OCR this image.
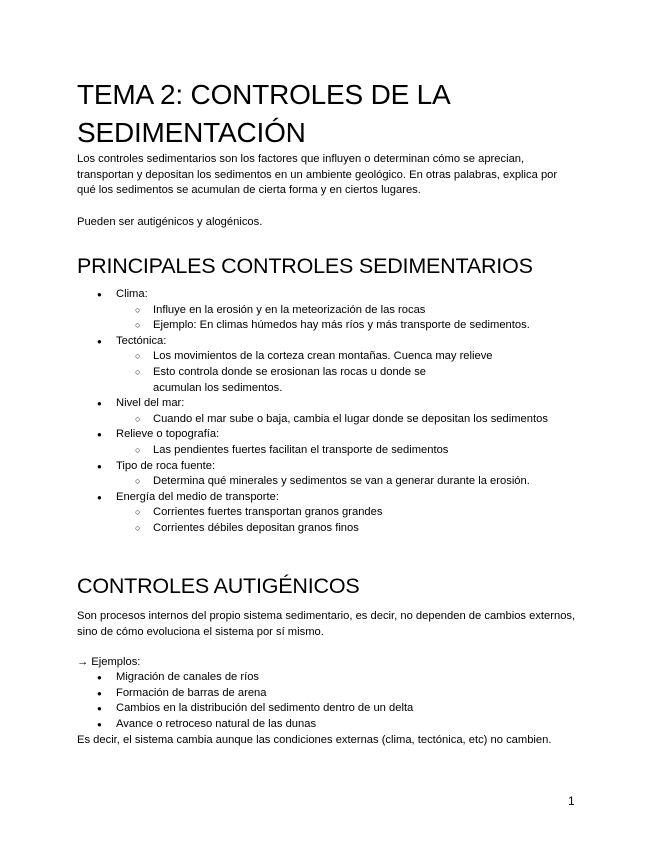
TEMA 2: CONTROLES DE LA SEDIMENTACIÓN

Los controles sedimentarios son los factores que influyen o determinan cómo se aprecian, transportan y depositan los sedimentos en un ambiente geológico. En otras palabras, explica por qué los sedimentos se acumulan de cierta forma y en ciertos lugares.

Pueden ser autigénicos y alogénicos.

PRINCIPALES CONTROLES SEDIMENTARIOS
● Clima:
○ Influye en la erosión y en la meteorización de las rocas
○ Ejemplo: En climas húmedos hay más ríos y más transporte de sedimentos.
● Tectónica:
○ Los movimientos de la corteza crean montañas. Cuenca may relieve
○ Esto controla donde se erosionan las rocas u donde se acumulan los sedimentos.
● Nivel del mar:
○ Cuando el mar sube o baja, cambia el lugar donde se depositan los sedimentos
● Relieve o topografía:
○ Las pendientes fuertes facilitan el transporte de sedimentos
● Tipo de roca fuente:
○ Determina qué minerales y sedimentos se van a generar durante la erosión.
● Energía del medio de transporte:
○ Corrientes fuertes transportan granos grandes
○ Corrientes débiles depositan granos finos
CONTROLES AUTIGÉNICOS

Son procesos internos del propio sistema sedimentario, es decir, no dependen de cambios externos, sino de cómo evoluciona el sistema por sí mismo.

→ Ejemplos:

● Migración de canales de ríos
● Formación de barras de arena
● Cambios en la distribución del sedimento dentro de un delta
● Avance o retroceso natural de las dunas

Es decir, el sistema cambia aunque las condiciones externas (clima, tectónica, etc) no cambien.

1
